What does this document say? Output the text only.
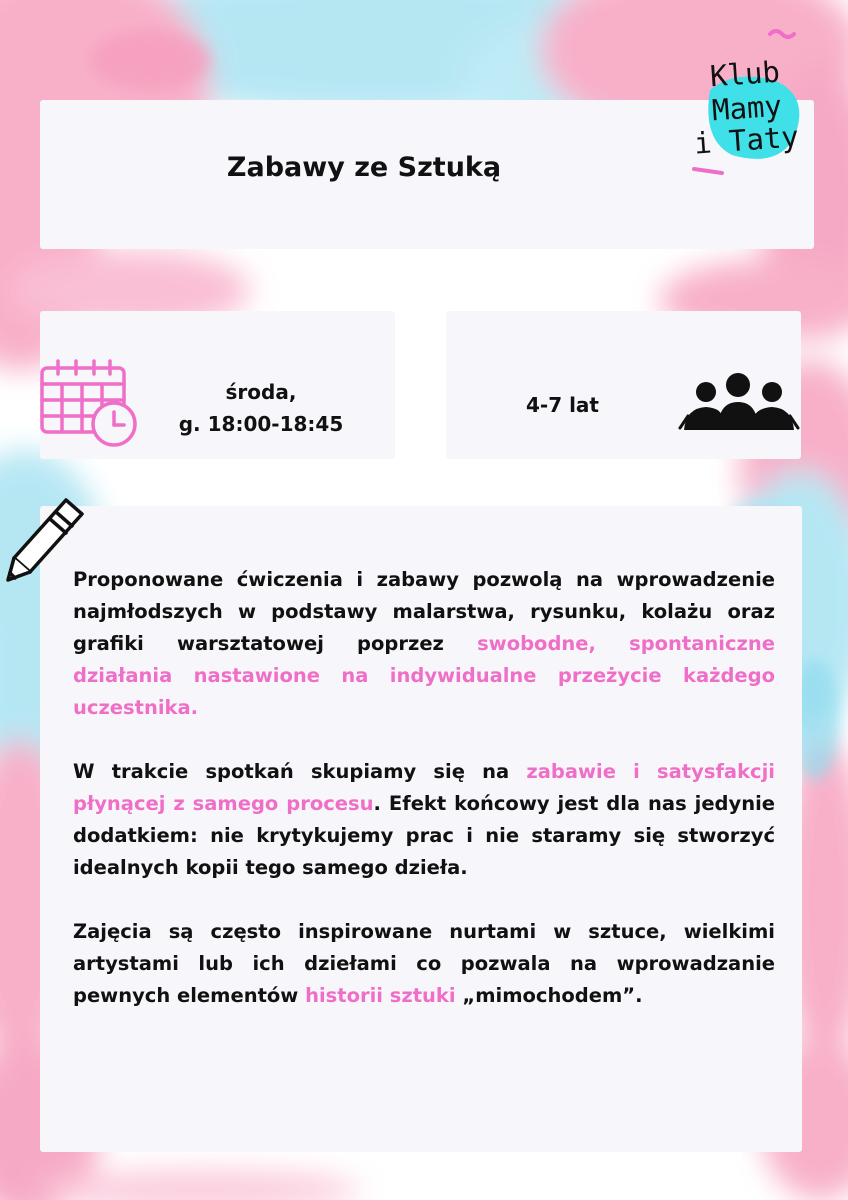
Zabawy ze Sztuką
Klub
Mamy
i Taty
środa,
g. 18:00-18:45
4-7 lat

Proponowane ćwiczenia i zabawy pozwolą na wprowadzenie najmłodszych w podstawy malarstwa, rysunku, kolażu oraz grafiki warsztatowej poprzez swobodne, spontaniczne działania nastawione na indywidualne przeżycie każdego uczestnika.

W trakcie spotkań skupiamy się na zabawie i satysfakcji płynącej z samego procesu. Efekt końcowy jest dla nas jedynie dodatkiem: nie krytykujemy prac i nie staramy się stworzyć idealnych kopii tego samego dzieła.

Zajęcia są często inspirowane nurtami w sztuce, wielkimi artystami lub ich dziełami co pozwala na wprowadzanie pewnych elementów historii sztuki „mimochodem”.
